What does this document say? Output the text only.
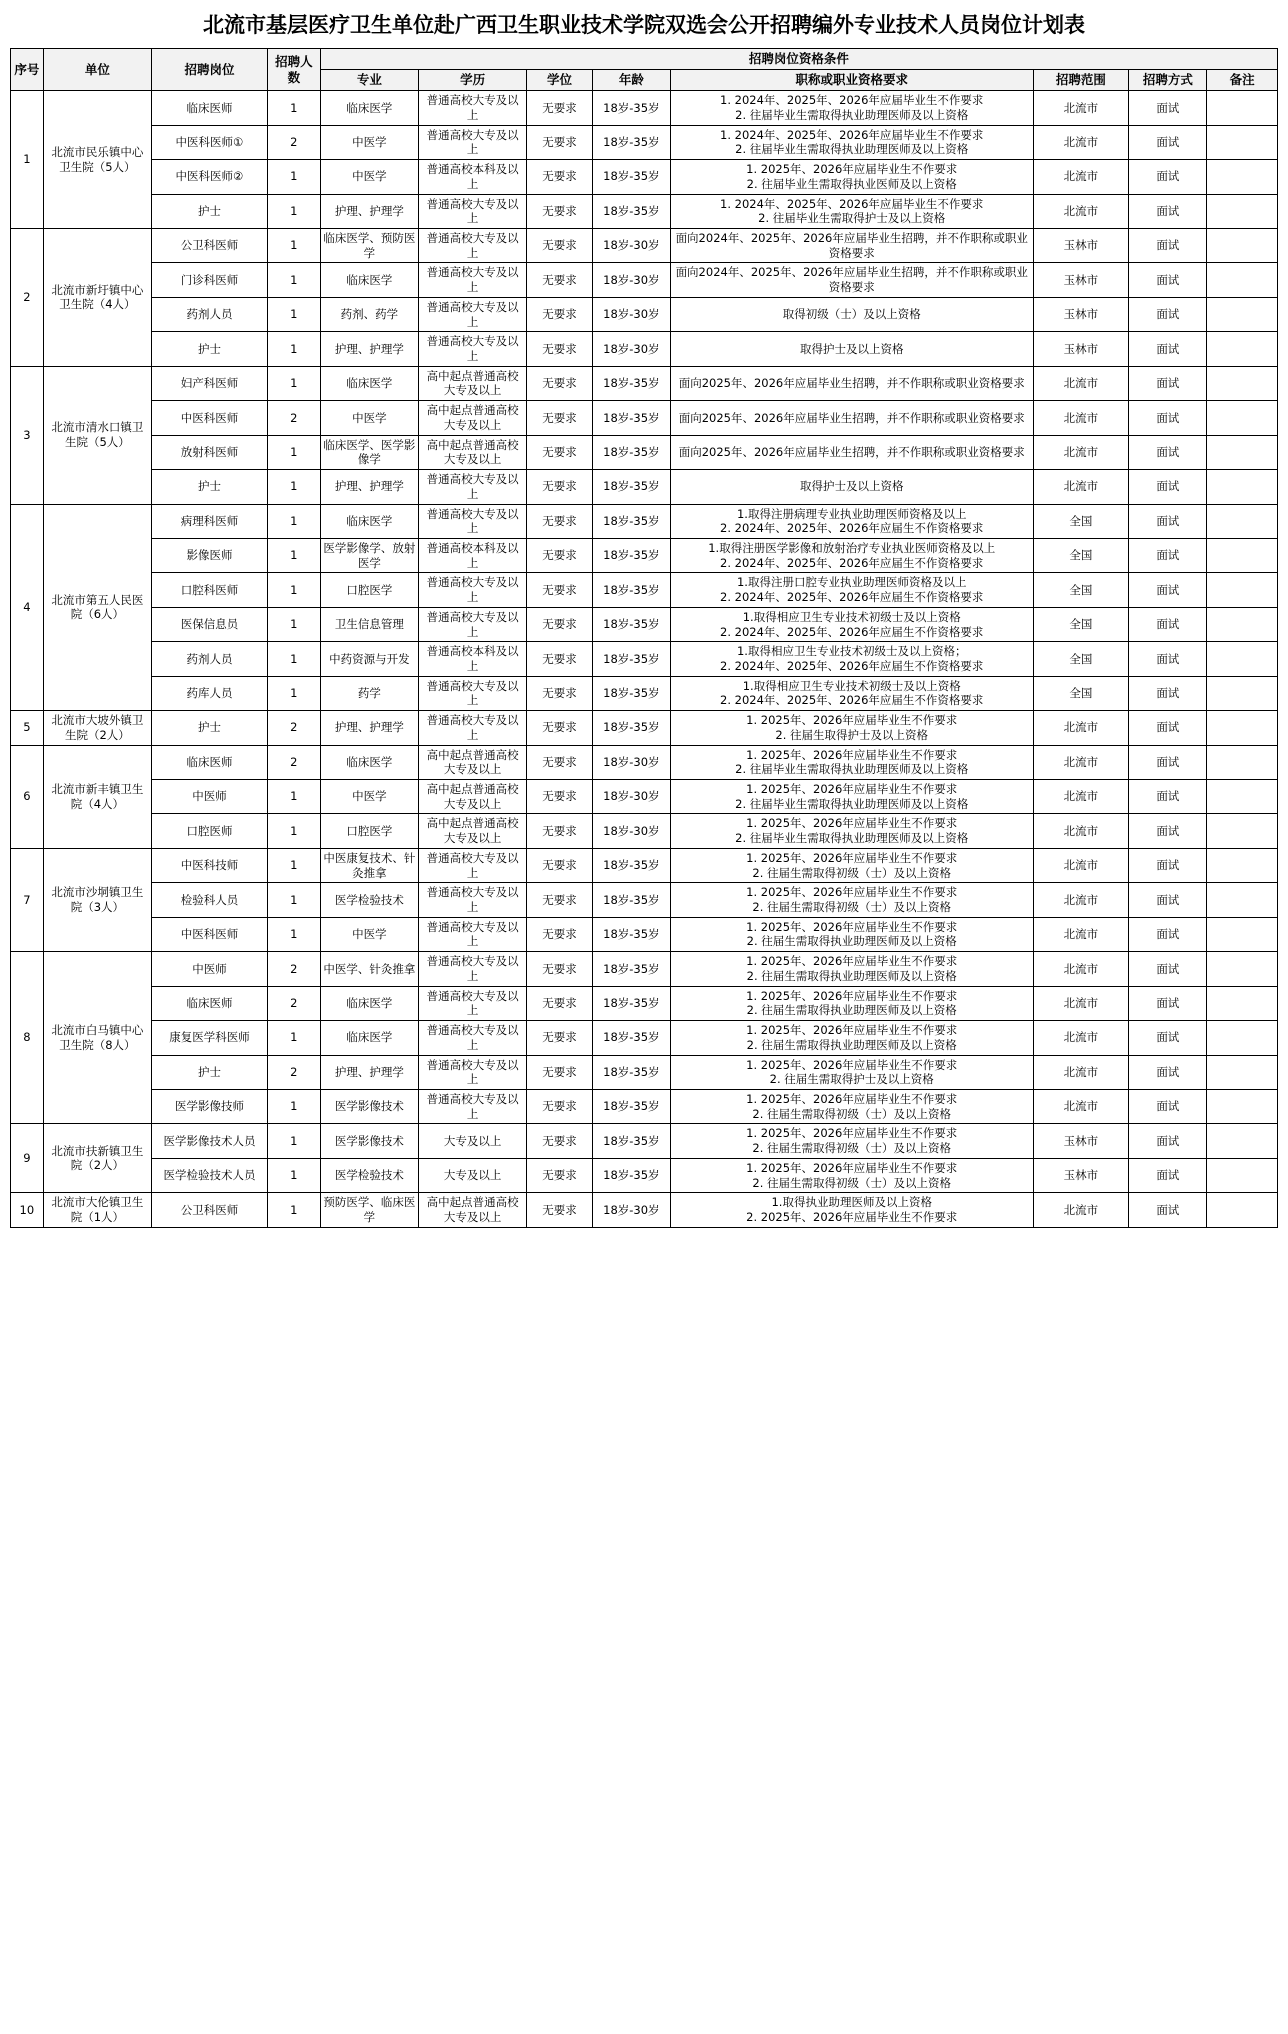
北流市基层医疗卫生单位赴广西卫生职业技术学院双选会公开招聘编外专业技术人员岗位计划表
序号	单位	招聘岗位	招聘人数	招聘岗位资格条件							
				专业	学历	学位	年龄	职称或职业资格要求	招聘范围	招聘方式	备注
1	北流市民乐镇中心卫生院（5人）	临床医师	1	临床医学	普通高校大专及以上	无要求	18岁-35岁	1. 2024年、2025年、2026年应届毕业生不作要求
2. 往届毕业生需取得执业助理医师及以上资格	北流市	面试	
		中医科医师①	2	中医学	普通高校大专及以上	无要求	18岁-35岁	1. 2024年、2025年、2026年应届毕业生不作要求
2. 往届毕业生需取得执业助理医师及以上资格	北流市	面试	
		中医科医师②	1	中医学	普通高校本科及以上	无要求	18岁-35岁	1. 2025年、2026年应届毕业生不作要求
2. 往届毕业生需取得执业医师及以上资格	北流市	面试	
		护士	1	护理、护理学	普通高校大专及以上	无要求	18岁-35岁	1. 2024年、2025年、2026年应届毕业生不作要求
2. 往届毕业生需取得护士及以上资格	北流市	面试	
2	北流市新圩镇中心卫生院（4人）	公卫科医师	1	临床医学、预防医学	普通高校大专及以上	无要求	18岁-30岁	面向2024年、2025年、2026年应届毕业生招聘，并不作职称或职业资格要求	玉林市	面试	
		门诊科医师	1	临床医学	普通高校大专及以上	无要求	18岁-30岁	面向2024年、2025年、2026年应届毕业生招聘，并不作职称或职业资格要求	玉林市	面试	
		药剂人员	1	药剂、药学	普通高校大专及以上	无要求	18岁-30岁	取得初级（士）及以上资格	玉林市	面试	
		护士	1	护理、护理学	普通高校大专及以上	无要求	18岁-30岁	取得护士及以上资格	玉林市	面试	
3	北流市清水口镇卫生院（5人）	妇产科医师	1	临床医学	高中起点普通高校大专及以上	无要求	18岁-35岁	面向2025年、2026年应届毕业生招聘，并不作职称或职业资格要求	北流市	面试	
		中医科医师	2	中医学	高中起点普通高校大专及以上	无要求	18岁-35岁	面向2025年、2026年应届毕业生招聘，并不作职称或职业资格要求	北流市	面试	
		放射科医师	1	临床医学、医学影像学	高中起点普通高校大专及以上	无要求	18岁-35岁	面向2025年、2026年应届毕业生招聘，并不作职称或职业资格要求	北流市	面试	
		护士	1	护理、护理学	普通高校大专及以上	无要求	18岁-35岁	取得护士及以上资格	北流市	面试	
4	北流市第五人民医院（6人）	病理科医师	1	临床医学	普通高校大专及以上	无要求	18岁-35岁	1.取得注册病理专业执业助理医师资格及以上
2. 2024年、2025年、2026年应届生不作资格要求	全国	面试	
		影像医师	1	医学影像学、放射医学	普通高校本科及以上	无要求	18岁-35岁	1.取得注册医学影像和放射治疗专业执业医师资格及以上
2. 2024年、2025年、2026年应届生不作资格要求	全国	面试	
		口腔科医师	1	口腔医学	普通高校大专及以上	无要求	18岁-35岁	1.取得注册口腔专业执业助理医师资格及以上
2. 2024年、2025年、2026年应届生不作资格要求	全国	面试	
		医保信息员	1	卫生信息管理	普通高校大专及以上	无要求	18岁-35岁	1.取得相应卫生专业技术初级士及以上资格
2. 2024年、2025年、2026年应届生不作资格要求	全国	面试	
		药剂人员	1	中药资源与开发	普通高校本科及以上	无要求	18岁-35岁	1.取得相应卫生专业技术初级士及以上资格；
2. 2024年、2025年、2026年应届生不作资格要求	全国	面试	
		药库人员	1	药学	普通高校大专及以上	无要求	18岁-35岁	1.取得相应卫生专业技术初级士及以上资格
2. 2024年、2025年、2026年应届生不作资格要求	全国	面试	
5	北流市大坡外镇卫生院（2人）	护士	2	护理、护理学	普通高校大专及以上	无要求	18岁-35岁	1. 2025年、2026年应届毕业生不作要求
2. 往届生取得护士及以上资格	北流市	面试	
6	北流市新丰镇卫生院（4人）	临床医师	2	临床医学	高中起点普通高校大专及以上	无要求	18岁-30岁	1. 2025年、2026年应届毕业生不作要求
2. 往届毕业生需取得执业助理医师及以上资格	北流市	面试	
		中医师	1	中医学	高中起点普通高校大专及以上	无要求	18岁-30岁	1. 2025年、2026年应届毕业生不作要求
2. 往届毕业生需取得执业助理医师及以上资格	北流市	面试	
		口腔医师	1	口腔医学	高中起点普通高校大专及以上	无要求	18岁-30岁	1. 2025年、2026年应届毕业生不作要求
2. 往届毕业生需取得执业助理医师及以上资格	北流市	面试	
7	北流市沙垌镇卫生院（3人）	中医科技师	1	中医康复技术、针灸推拿	普通高校大专及以上	无要求	18岁-35岁	1. 2025年、2026年应届毕业生不作要求
2. 往届生需取得初级（士）及以上资格	北流市	面试	
		检验科人员	1	医学检验技术	普通高校大专及以上	无要求	18岁-35岁	1. 2025年、2026年应届毕业生不作要求
2. 往届生需取得初级（士）及以上资格	北流市	面试	
		中医科医师	1	中医学	普通高校大专及以上	无要求	18岁-35岁	1. 2025年、2026年应届毕业生不作要求
2. 往届生需取得执业助理医师及以上资格	北流市	面试	
8	北流市白马镇中心卫生院（8人）	中医师	2	中医学、针灸推拿	普通高校大专及以上	无要求	18岁-35岁	1. 2025年、2026年应届毕业生不作要求
2. 往届生需取得执业助理医师及以上资格	北流市	面试	
		临床医师	2	临床医学	普通高校大专及以上	无要求	18岁-35岁	1. 2025年、2026年应届毕业生不作要求
2. 往届生需取得执业助理医师及以上资格	北流市	面试	
		康复医学科医师	1	临床医学	普通高校大专及以上	无要求	18岁-35岁	1. 2025年、2026年应届毕业生不作要求
2. 往届生需取得执业助理医师及以上资格	北流市	面试	
		护士	2	护理、护理学	普通高校大专及以上	无要求	18岁-35岁	1. 2025年、2026年应届毕业生不作要求
2. 往届生需取得护士及以上资格	北流市	面试	
		医学影像技师	1	医学影像技术	普通高校大专及以上	无要求	18岁-35岁	1. 2025年、2026年应届毕业生不作要求
2. 往届生需取得初级（士）及以上资格	北流市	面试	
9	北流市扶新镇卫生院（2人）	医学影像技术人员	1	医学影像技术	大专及以上	无要求	18岁-35岁	1. 2025年、2026年应届毕业生不作要求
2. 往届生需取得初级（士）及以上资格	玉林市	面试	
		医学检验技术人员	1	医学检验技术	大专及以上	无要求	18岁-35岁	1. 2025年、2026年应届毕业生不作要求
2. 往届生需取得初级（士）及以上资格	玉林市	面试	
10	北流市大伦镇卫生院（1人）	公卫科医师	1	预防医学、临床医学	高中起点普通高校大专及以上	无要求	18岁-30岁	1.取得执业助理医师及以上资格
2. 2025年、2026年应届毕业生不作要求	北流市	面试	
